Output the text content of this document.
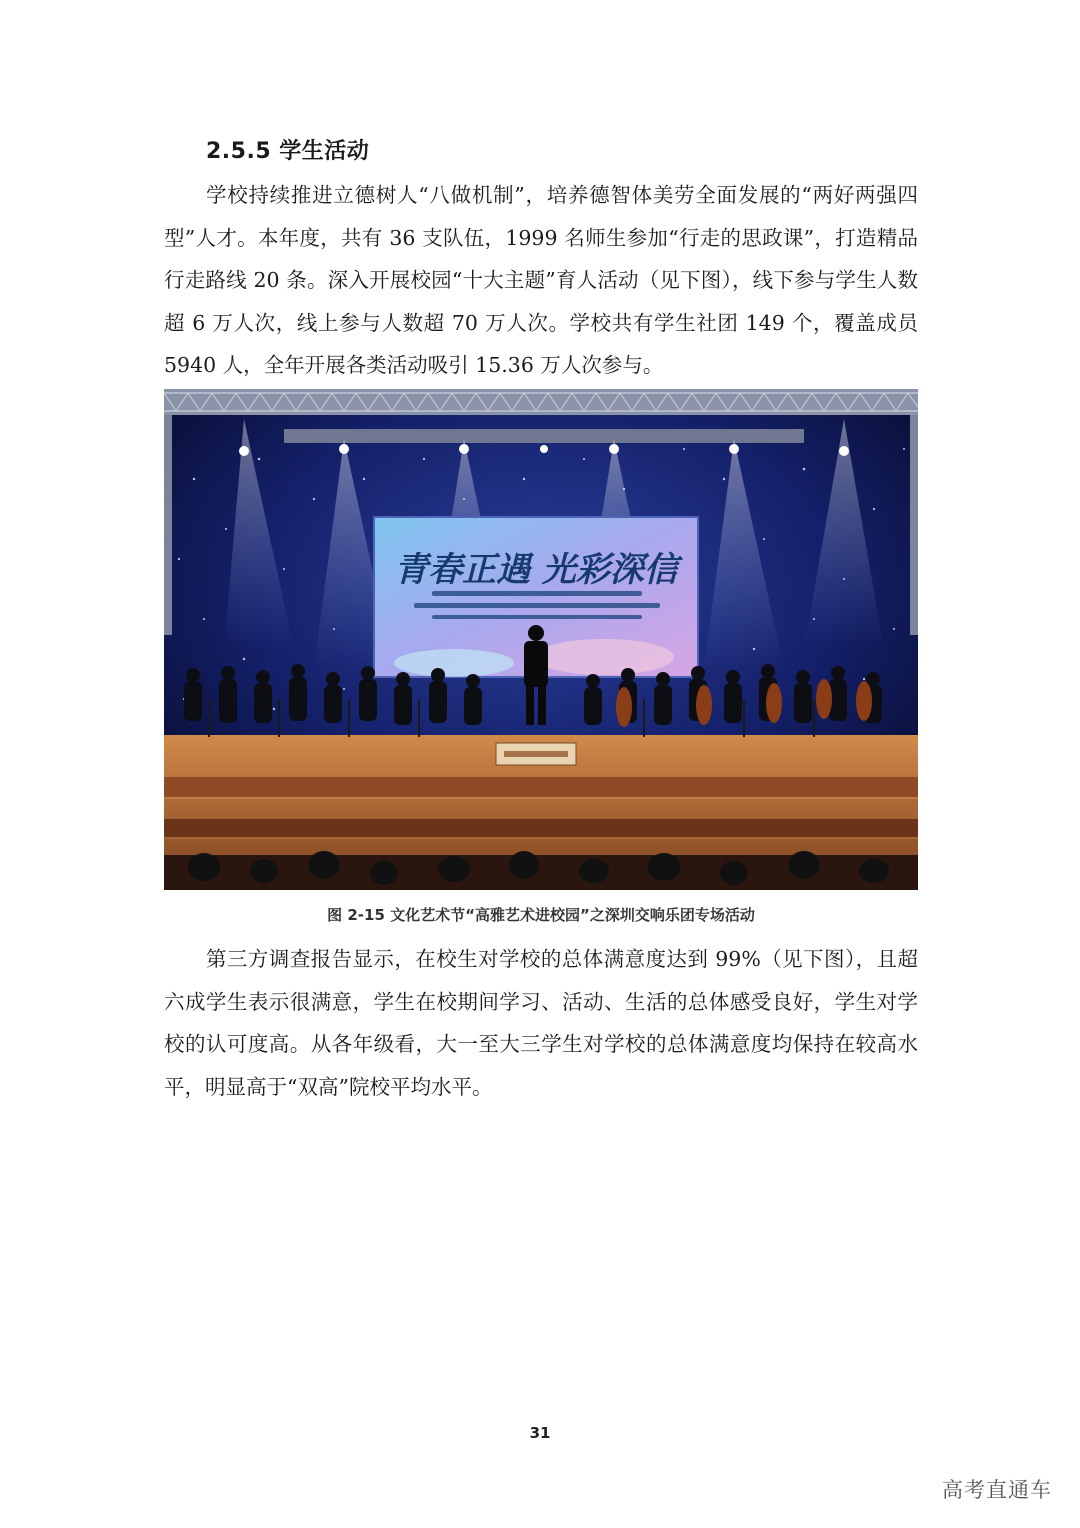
2.5.5 学生活动

学校持续推进立德树人“八做机制”，培养德智体美劳全面发展的“两好两强四型”人才。本年度，共有 36 支队伍，1999 名师生参加“行走的思政课”，打造精品行走路线 20 条。深入开展校园“十大主题”育人活动（见下图），线下参与学生人数超 6 万人次，线上参与人数超 70 万人次。学校共有学生社团 149 个，覆盖成员 5940 人，全年开展各类活动吸引 15.36 万人次参与。

青春正遇 光彩深信
图 2-15 文化艺术节“高雅艺术进校园”之深圳交响乐团专场活动

第三方调查报告显示，在校生对学校的总体满意度达到 99%（见下图），且超六成学生表示很满意，学生在校期间学习、活动、生活的总体感受良好，学生对学校的认可度高。从各年级看，大一至大三学生对学校的总体满意度均保持在较高水平，明显高于“双高”院校平均水平。

31
高考直通车
